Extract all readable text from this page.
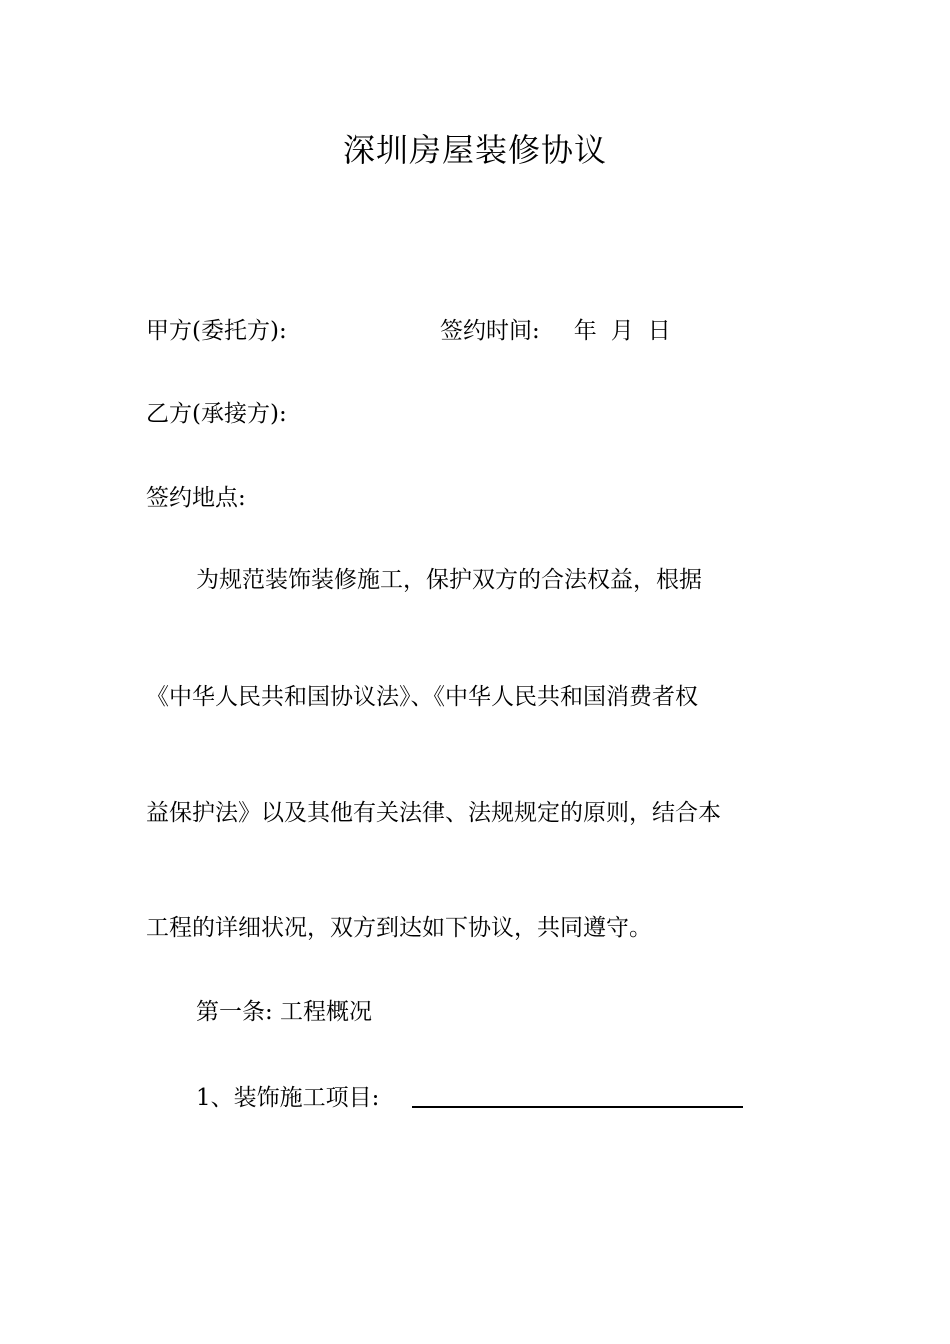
深圳房屋装修协议
甲方(委托方):	签约时间: 年 月 日
乙方(承接方):
签约地点:
为规范装饰装修施工，保护双方的合法权益，根据
《中华人民共和国协议法》、《中华人民共和国消费者权
益保护法》以及其他有关法律、法规规定的原则，结合本
工程的详细状况，双方到达如下协议，共同遵守。
第一条: 工程概况
1、装饰施工项目:
